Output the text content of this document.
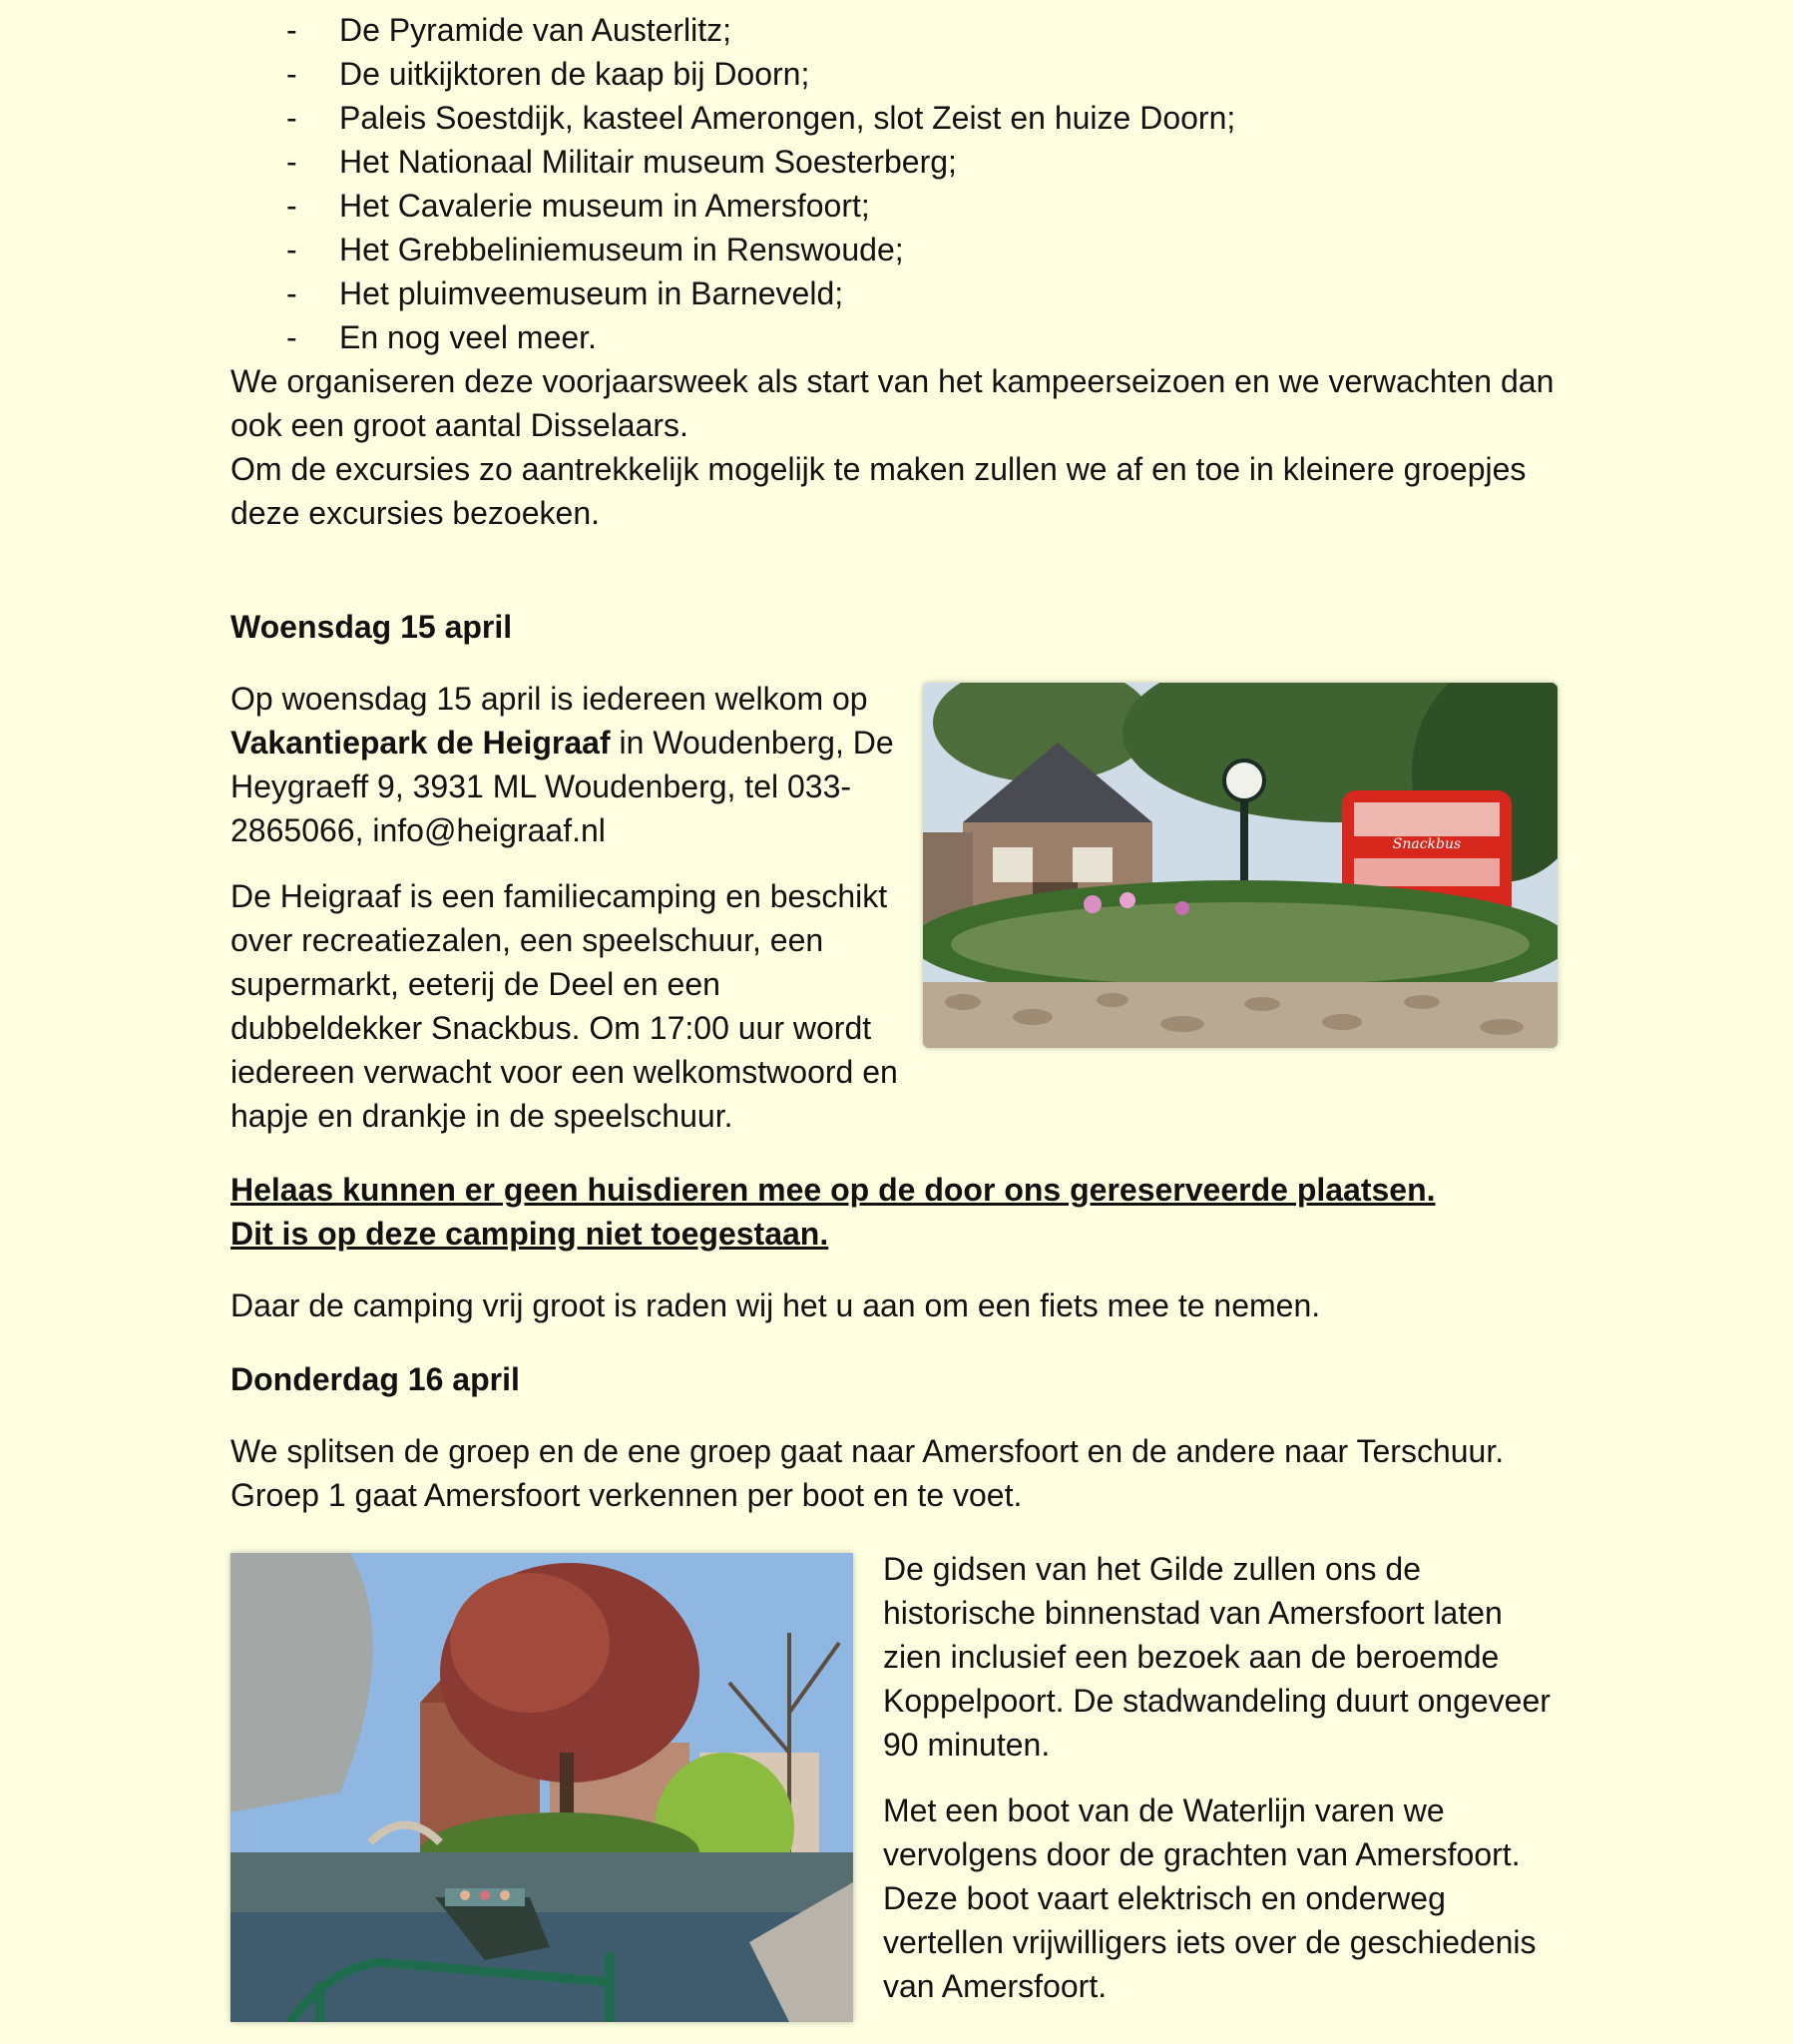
- De Pyramide van Austerlitz;
- De uitkijktoren de kaap bij Doorn;
- Paleis Soestdijk, kasteel Amerongen, slot Zeist en huize Doorn;
- Het Nationaal Militair museum Soesterberg;
- Het Cavalerie museum in Amersfoort;
- Het Grebbeliniemuseum in Renswoude;
- Het pluimveemuseum in Barneveld;
- En nog veel meer.

We organiseren deze voorjaarsweek als start van het kampeerseizoen en we verwachten dan ook een groot aantal Disselaars.

Om de excursies zo aantrekkelijk mogelijk te maken zullen we af en toe in kleinere groepjes deze excursies bezoeken.

Woensdag 15 april

Snackbus

Op woensdag 15 april is iedereen welkom op Vakantiepark de Heigraaf in Woudenberg, De Heygraeff 9, 3931 ML Woudenberg, tel 033-2865066, info@heigraaf.nl

De Heigraaf is een familiecamping en beschikt over recreatiezalen, een speelschuur, een supermarkt, eeterij de Deel en een dubbeldekker Snackbus. Om 17:00 uur wordt iedereen verwacht voor een welkomstwoord en hapje en drankje in de speelschuur.

Helaas kunnen er geen huisdieren mee op de door ons gereserveerde plaatsen.

Dit is op deze camping niet toegestaan.

Daar de camping vrij groot is raden wij het u aan om een fiets mee te nemen.

Donderdag 16 april

We splitsen de groep en de ene groep gaat naar Amersfoort en de andere naar Terschuur.

Groep 1 gaat Amersfoort verkennen per boot en te voet.

De gidsen van het Gilde zullen ons de historische binnenstad van Amersfoort laten zien inclusief een bezoek aan de beroemde Koppelpoort. De stadwandeling duurt ongeveer 90 minuten.

Met een boot van de Waterlijn varen we vervolgens door de grachten van Amersfoort. Deze boot vaart elektrisch en onderweg vertellen vrijwilligers iets over de geschiedenis van Amersfoort.
